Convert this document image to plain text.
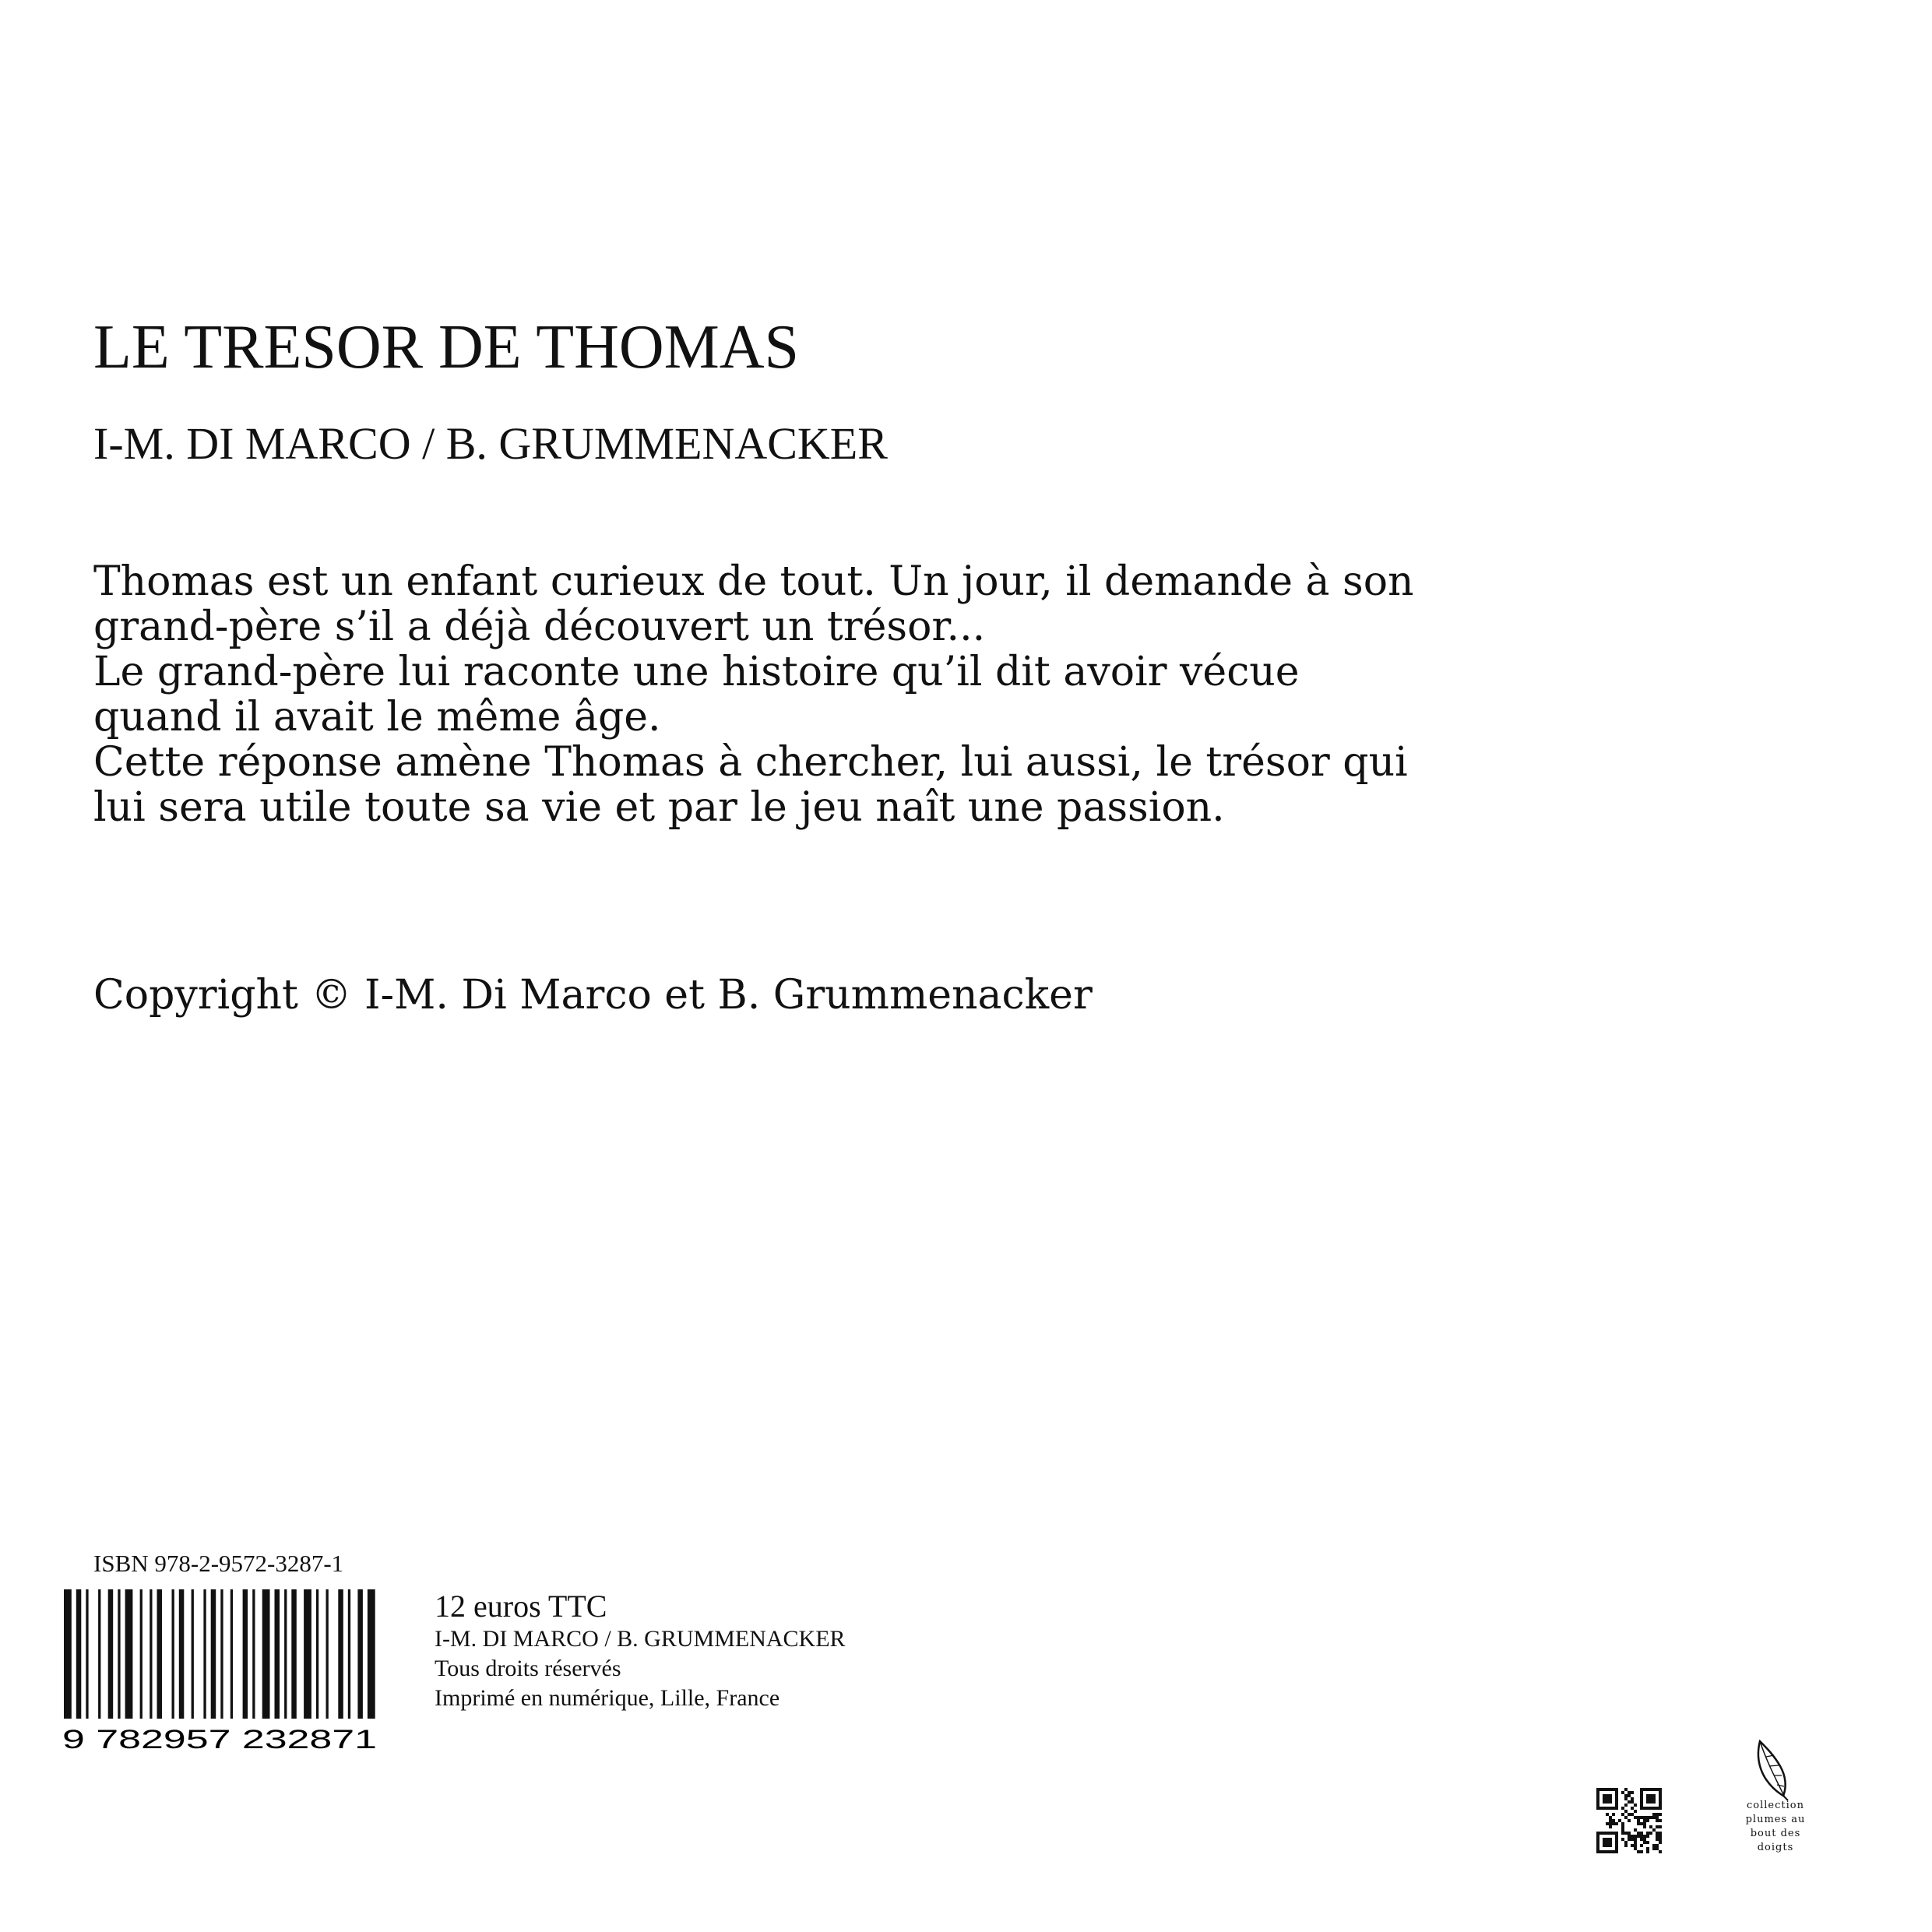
LE TRESOR DE THOMAS
I-M. DI MARCO / B. GRUMMENACKER

Thomas est un enfant curieux de tout. Un jour, il demande à son grand-père s’il a déjà découvert un trésor...

Le grand-père lui raconte une histoire qu’il dit avoir vécue quand il avait le même âge.

Cette réponse amène Thomas à chercher, lui aussi, le trésor qui lui sera utile toute sa vie et par le jeu naît une passion.

Copyright © I-M. Di Marco et B. Grummenacker

ISBN 978-2-9572-3287-1
9 782957 232871
12 euros TTC
I-M. DI MARCO / B. GRUMMENACKER
Tous droits réservés
Imprimé en numérique, Lille, France
collection plumes au bout des doigts
